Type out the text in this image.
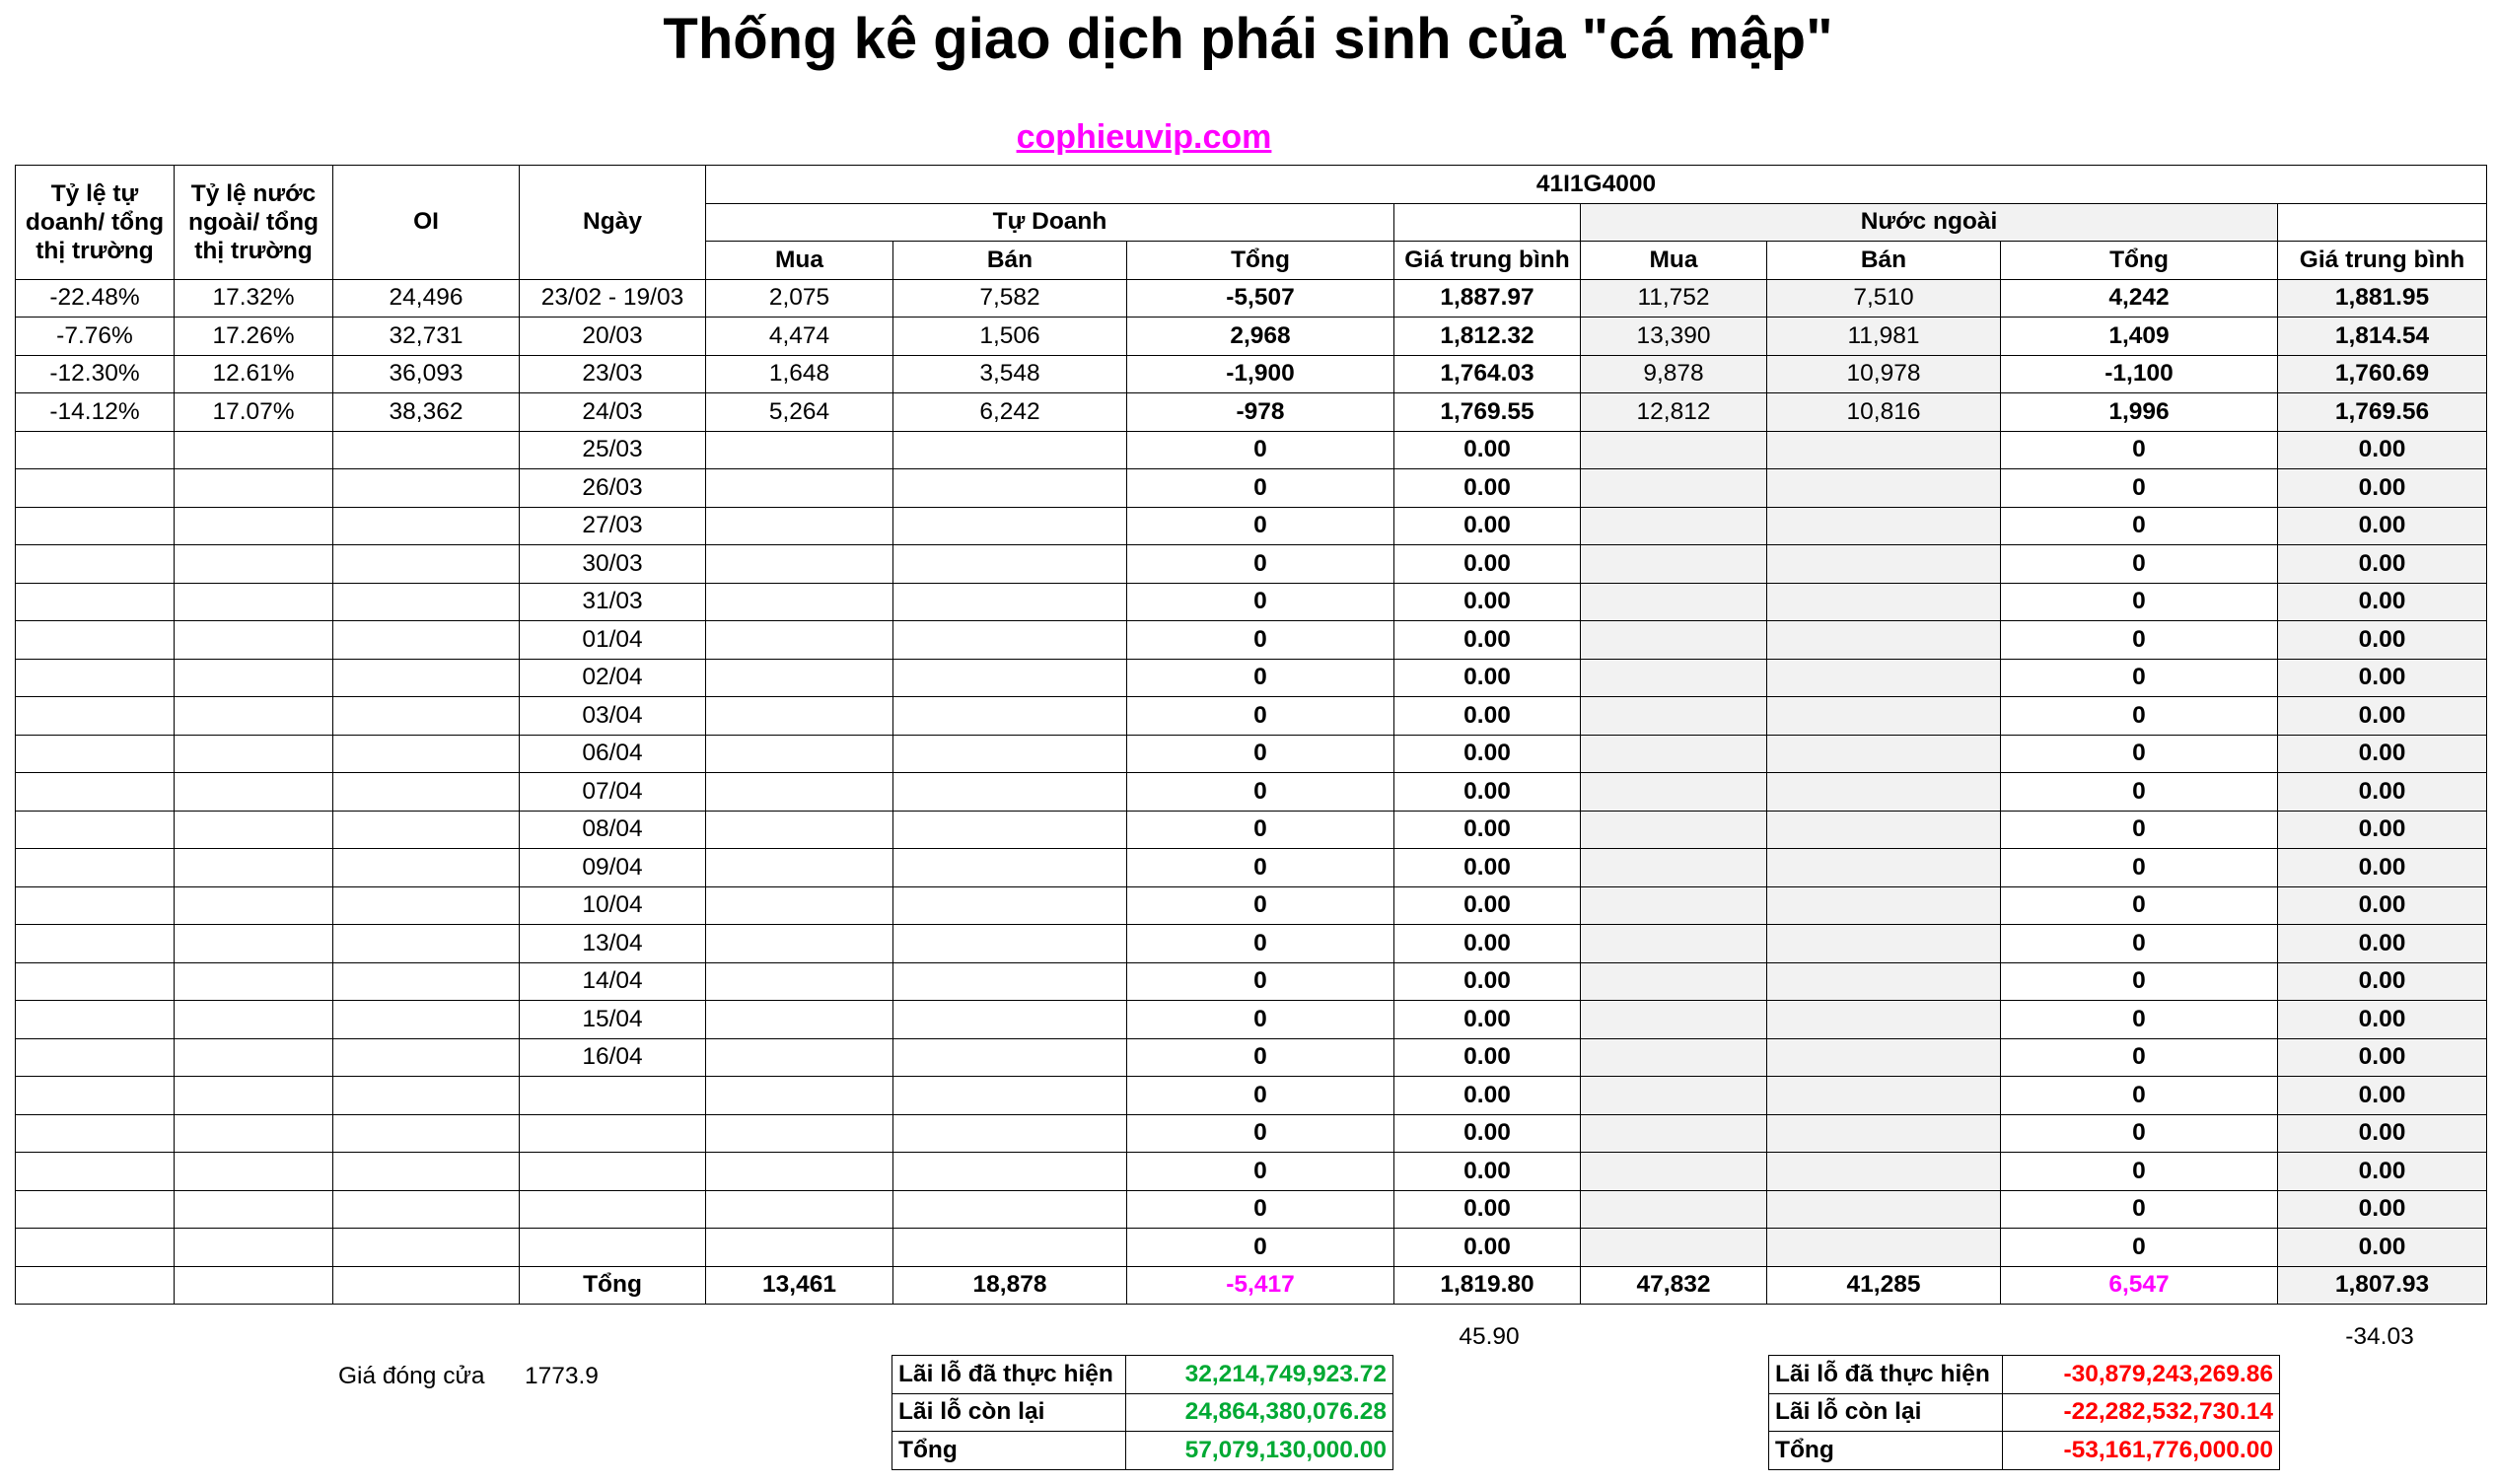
Thống kê giao dịch phái sinh của "cá mập"
cophieuvip.com
Tỷ lệ tự doanh/ tổng thị trường	Tỷ lệ nước ngoài/ tổng thị trường	OI	Ngày	41I1G4000							
				Tự Doanh				Nước ngoài			
				Mua	Bán	Tổng	Giá trung bình	Mua	Bán	Tổng	Giá trung bình
-22.48%	17.32%	24,496	23/02 - 19/03	2,075	7,582	-5,507	1,887.97	11,752	7,510	4,242	1,881.95
-7.76%	17.26%	32,731	20/03	4,474	1,506	2,968	1,812.32	13,390	11,981	1,409	1,814.54
-12.30%	12.61%	36,093	23/03	1,648	3,548	-1,900	1,764.03	9,878	10,978	-1,100	1,760.69
-14.12%	17.07%	38,362	24/03	5,264	6,242	-978	1,769.55	12,812	10,816	1,996	1,769.56
			25/03			0	0.00			0	0.00
			26/03			0	0.00			0	0.00
			27/03			0	0.00			0	0.00
			30/03			0	0.00			0	0.00
			31/03			0	0.00			0	0.00
			01/04			0	0.00			0	0.00
			02/04			0	0.00			0	0.00
			03/04			0	0.00			0	0.00
			06/04			0	0.00			0	0.00
			07/04			0	0.00			0	0.00
			08/04			0	0.00			0	0.00
			09/04			0	0.00			0	0.00
			10/04			0	0.00			0	0.00
			13/04			0	0.00			0	0.00
			14/04			0	0.00			0	0.00
			15/04			0	0.00			0	0.00
			16/04			0	0.00			0	0.00
						0	0.00			0	0.00
						0	0.00			0	0.00
						0	0.00			0	0.00
						0	0.00			0	0.00
						0	0.00			0	0.00
			Tổng	13,461	18,878	-5,417	1,819.80	47,832	41,285	6,547	1,807.93
45.90	-34.03
Giá đóng cửa 1773.9	Lãi lỗ đã thực hiện	32,214,749,923.72
Lãi lỗ còn lại	24,864,380,076.28
Tổng	57,079,130,000.00
Lãi lỗ đã thực hiện	-30,879,243,269.86
Lãi lỗ còn lại	-22,282,532,730.14
Tổng	-53,161,776,000.00
